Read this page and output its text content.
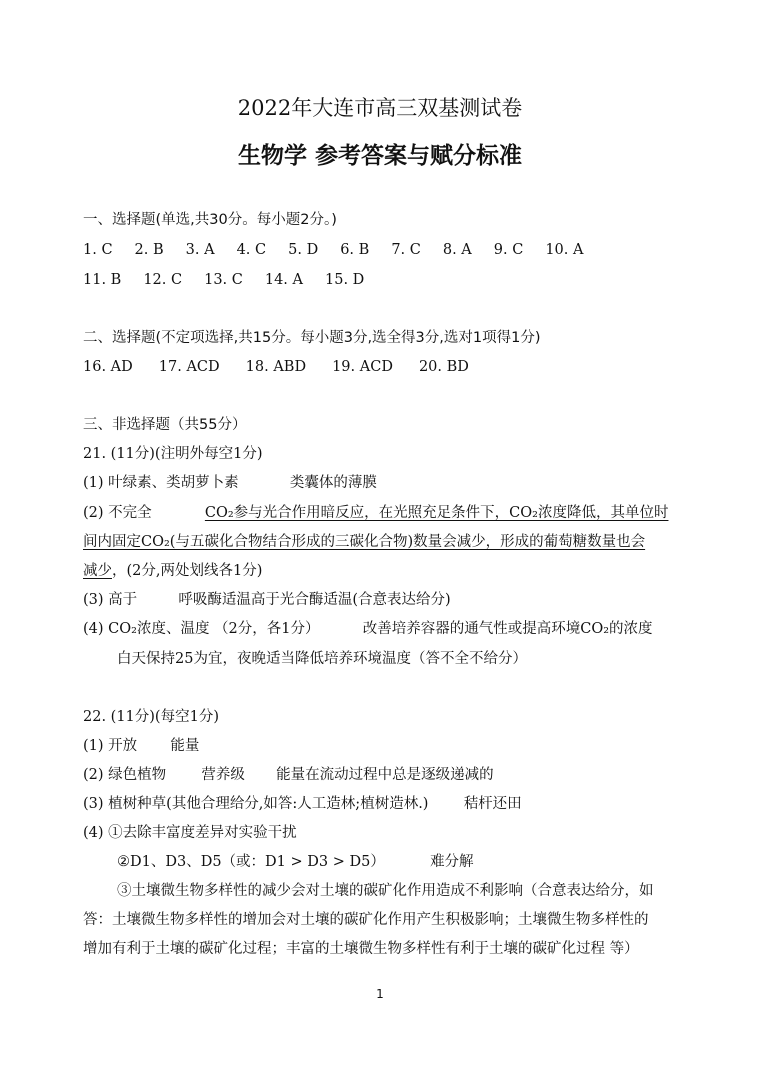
2022年大连市高三双基测试卷
生物学 参考答案与赋分标准
一、选择题(单选,共30分。每小题2分。)
1. C 2. B 3. A 4. C 5. D 6. B 7. C 8. A 9. C 10. A
11. B 12. C 13. C 14. A 15. D
二、选择题(不定项选择,共15分。每小题3分,选全得3分,选对1项得1分)
16. AD 17. ACD 18. ABD 19. ACD 20. BD
三、非选择题（共55分）
21. (11分)(注明外每空1分)
(1) 叶绿素、类胡萝卜素	类囊体的薄膜
(2) 不完全	CO₂参与光合作用暗反应，在光照充足条件下，CO₂浓度降低，其单位时
间内固定CO₂(与五碳化合物结合形成的三碳化合物)数量会减少，形成的葡萄糖数量也会
减少，(2分,两处划线各1分)
(3) 高于	呼吸酶适温高于光合酶适温(合意表达给分)
(4) CO₂浓度、温度 （2分，各1分）	改善培养容器的通气性或提高环境CO₂的浓度
白天保持25为宜，夜晚适当降低培养环境温度（答不全不给分）
22. (11分)(每空1分)
(1) 开放 能量
(2) 绿色植物 营养级 能量在流动过程中总是逐级递减的
(3) 植树种草(其他合理给分,如答:人工造林;植树造林.) 秸杆还田
(4) ①去除丰富度差异对实验干扰
②D1、D3、D5（或：D1 > D3 > D5）	难分解
③土壤微生物多样性的减少会对土壤的碳矿化作用造成不利影响（合意表达给分，如
答：土壤微生物多样性的增加会对土壤的碳矿化作用产生积极影响；土壤微生物多样性的
增加有利于土壤的碳矿化过程；丰富的土壤微生物多样性有利于土壤的碳矿化过程 等）
1
